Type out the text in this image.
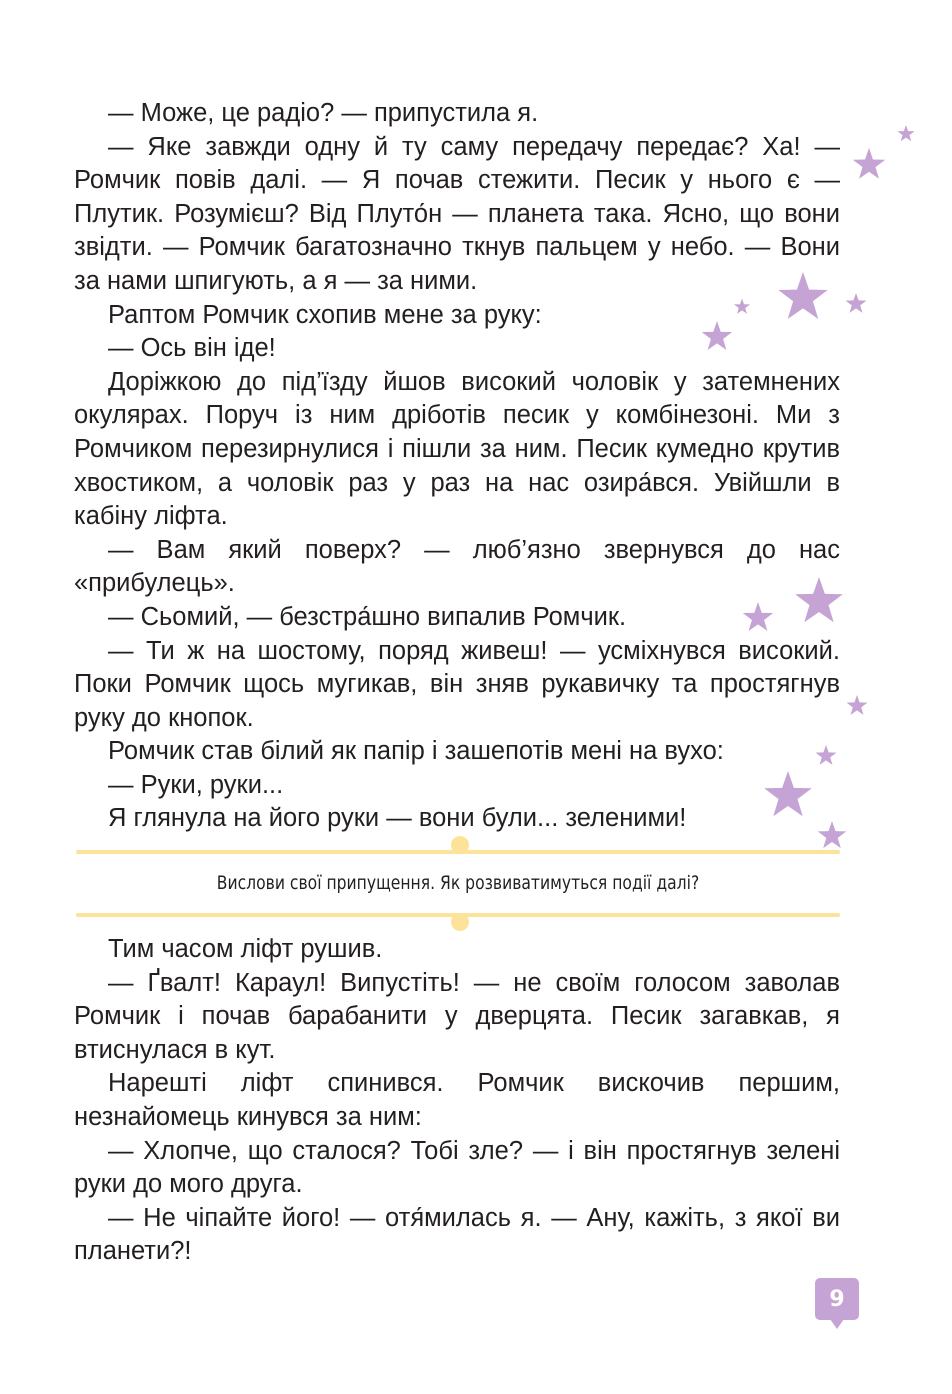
— Може, це радіо? — припустила я.

— Яке завжди одну й ту саму передачу передає? Ха! — Ромчик повів далі. — Я почав стежити. Песик у нього є — Плутик. Розумієш? Від Плуто́н — планета така. Ясно, що вони звідти. — Ромчик багатозначно ткнув пальцем у небо. — Вони за нами шпигують, а я — за ними.

Раптом Ромчик схопив мене за руку:

— Ось він іде!

Доріжкою до під’їзду йшов високий чоловік у затемнених окулярах. Поруч із ним дріботів песик у комбінезоні. Ми з Ромчиком перезирнулися і пішли за ним. Песик кумедно крутив хвостиком, а чоловік раз у раз на нас озира́вся. Увійшли в кабіну ліфта.

— Вам який поверх? — люб’язно звернувся до нас «прибулець».

— Сьомий, — безстра́шно випалив Ромчик.

— Ти ж на шостому, поряд живеш! — усміхнувся високий. Поки Ромчик щось мугикав, він зняв рукавичку та простягнув руку до кнопок.

Ромчик став білий як папір і зашепотів мені на вухо:

— Руки, руки...

Я глянула на його руки — вони були... зеленими!

Вислови свої припущення. Як розвиватимуться події далі?

Тим часом ліфт рушив.

— Ґвалт! Караул! Випустіть! — не своїм голосом заволав Ромчик і почав барабанити у дверцята. Песик загавкав, я втиснулася в кут.

Нарешті ліфт спинився. Ромчик вискочив першим, незнайомець кинувся за ним:

— Хлопче, що сталося? Тобі зле? — і він простягнув зелені руки до мого друга.

— Не чіпайте його! — отя́милась я. — Ану, кажіть, з якої ви планети?!

9
